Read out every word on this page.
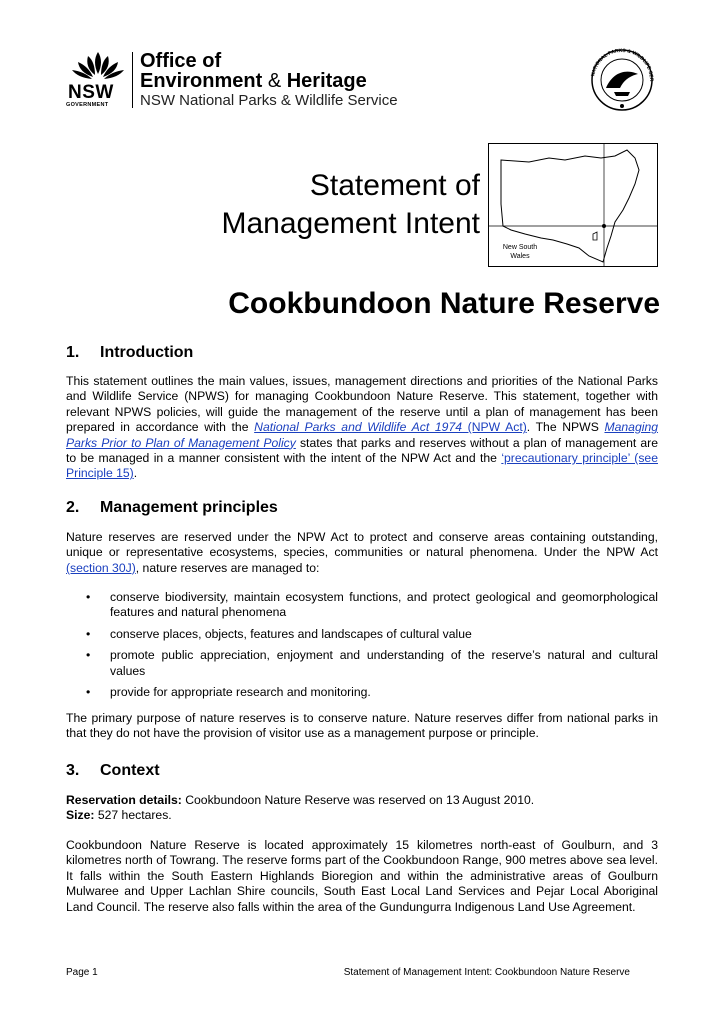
NSW
GOVERNMENT
Office of
Environment & Heritage
NSW National Parks & Wildlife Service
NATIONAL PARKS & WILDLIFE SER
Statement of
Management Intent
New South Wales
Cookbundoon Nature Reserve
1. Introduction
This statement outlines the main values, issues, management directions and priorities of the National Parks and Wildlife Service (NPWS) for managing Cookbundoon Nature Reserve. This statement, together with relevant NPWS policies, will guide the management of the reserve until a plan of management has been prepared in accordance with the National Parks and Wildlife Act 1974 (NPW Act). The NPWS Managing Parks Prior to Plan of Management Policy states that parks and reserves without a plan of management are to be managed in a manner consistent with the intent of the NPW Act and the ‘precautionary principle’ (see Principle 15).
2. Management principles
Nature reserves are reserved under the NPW Act to protect and conserve areas containing outstanding, unique or representative ecosystems, species, communities or natural phenomena. Under the NPW Act (section 30J), nature reserves are managed to:
• conserve biodiversity, maintain ecosystem functions, and protect geological and geomorphological features and natural phenomena
• conserve places, objects, features and landscapes of cultural value
• promote public appreciation, enjoyment and understanding of the reserve’s natural and cultural values
• provide for appropriate research and monitoring.
The primary purpose of nature reserves is to conserve nature. Nature reserves differ from national parks in that they do not have the provision of visitor use as a management purpose or principle.
3. Context
Reservation details: Cookbundoon Nature Reserve was reserved on 13 August 2010.
Size: 527 hectares.
Cookbundoon Nature Reserve is located approximately 15 kilometres north-east of Goulburn, and 3 kilometres north of Towrang. The reserve forms part of the Cookbundoon Range, 900 metres above sea level. It falls within the South Eastern Highlands Bioregion and within the administrative areas of Goulburn Mulwaree and Upper Lachlan Shire councils, South East Local Land Services and Pejar Local Aboriginal Land Council. The reserve also falls within the area of the Gundungurra Indigenous Land Use Agreement.
Page 1	Statement of Management Intent: Cookbundoon Nature Reserve
